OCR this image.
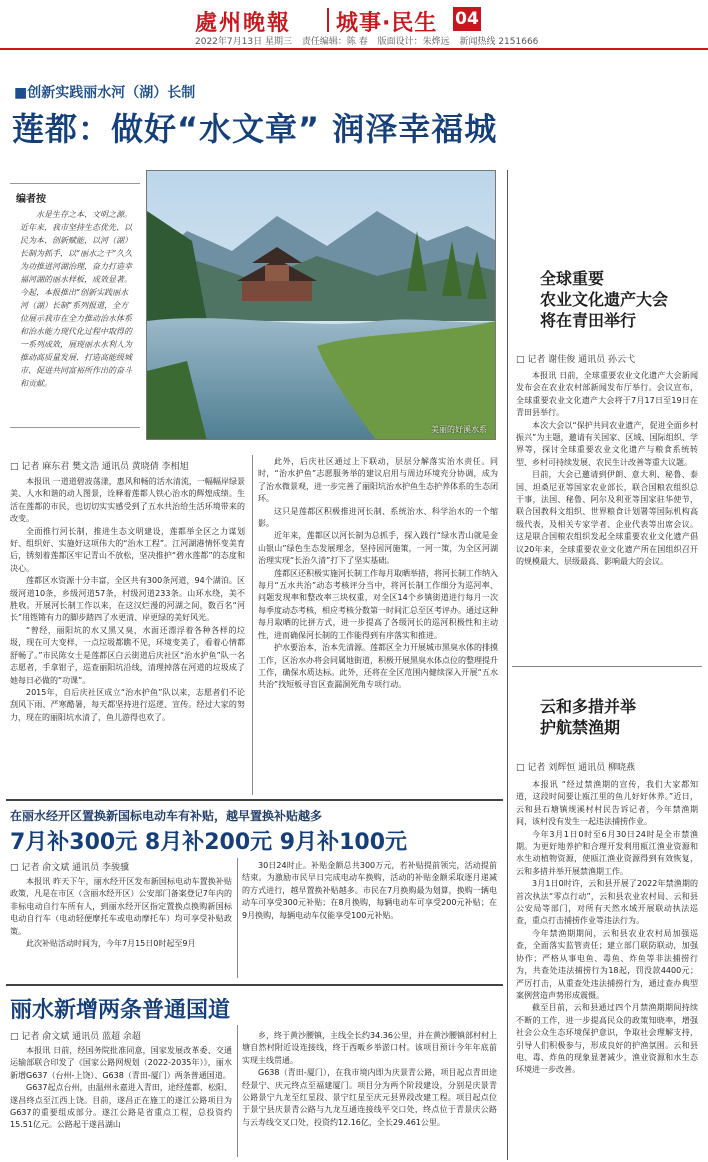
處州晚報 城事·民生 04
2022年7月13日 星期三 责任编辑：陈 春 版面设计：朱烨远 新闻热线 2151666
■创新实践丽水河（湖）长制
莲都：做好“水文章” 润泽幸福城
编者按
水是生存之本、文明之源。近年来，我市坚持生态优先、以民为本、创新赋能，以河（湖）长制为抓手，以“丽水之干”久久为功推进河湖治理，奋力打造幸福河湖的丽水样板，成效显著。今起，本报推出“创新实践丽水河（湖）长制”系列报道，全方位展示我市在全力推动治水体系和治水能力现代化过程中取得的一系列成效，展现丽水水利人为推动高质量发展、打造高能级城市、促进共同富裕所作出的奋斗和贡献。
美丽的好溪水系
□ 记者 麻东君 樊文浩 通讯员 黄晓倩 李相旭

本报讯 一道道碧波荡漾，惠风和畅的活水清流，一幅幅岸绿景美、人水和谐的动人图景，诠释着莲都人铁心治水的辉煌成绩。生活在莲都的市民，也切切实实感受到了五水共治给生活环境带来的改变。

全面推行河长制，推进生态文明建设，莲都举全区之力谋划好、组织好、实施好这项伟大的“治水工程”。江河湖港情怀变美育后，锈刻着莲都区牢记青山不放松，坚决推护“碧水莲都”的态度和决心。

莲都区水资源十分丰富，全区共有300条河道，94个湖泊。区级河道10条，乡级河道57条，村级河道233条。山环水绕，美不胜收。开展河长制工作以来，在这汉烂漫的河湖之间，数百名“河长”用铿锵有力的脚步踏四了水更清、岸更绿的美好风光。

“曾经，丽阳坑的水又黑又臭，水面还漂浮着各种各样的垃圾，现在可大变样，一点垃圾都瞧不见，环境变美了，看着心情都舒畅了。”市民陈女士是莲都区白云街道后庆社区“治水护鱼”队一名志愿者，手拿钳子，巡查丽阳坑沿线，清理掉落在河道的垃圾成了她每日必做的“功课”。

2015年，自后庆社区成立“治水护鱼”队以来，志愿者们不论刮风下雨、严寒酷暑，每天都坚持进行巡逻、宣传。经过大家的努力，现在的丽阳坑水清了，鱼儿游得也欢了。

此外，后庆社区通过上下联动，层层分解落实治水责任。同时，“治水护鱼”志愿服务举的建议启用与周边环境充分协调，成为了治水微景观，进一步完善了丽阳坑治水护鱼生态护养体系的生态闭环。

这只是莲都区积极推进河长制、系统治水、科学治水的一个缩影。

近年来，莲都区以河长制为总抓手，探入践行“绿水青山就是金山银山”绿色生态发展理念，坚持因河施策，一河一策，为全区河湖治理实现“长治久清”打下了坚实基础。

莲都区还积极实施河长制工作每月取晒举措，将河长制工作纳入每月“五水共治”动态考核评分当中，将河长制工作细分为巡河率、问题发现率和整改率三块权重，对全区14个乡镇街道进行每月一次每季度动态考核，相应考核分数第一时间汇总至区考评办。通过这种每月取晒的比拼方式，进一步提高了各级河长的巡河积极性和主动性，进而确保河长制的工作能得到有序落实和推进。

护水要治本，治本先清源。莲都区全力开展城市黑臭水体的排摸工作，区治水办将会同属地街道，积极开展黑臭水体点位的整理提升工作，确保水质达标。此外，还将在全区范围内健续深入开展“五水共治”找短板寻盲区查漏洞死角专项行动。

在丽水经开区置换新国标电动车有补贴，越早置换补贴越多
7月补300元 8月补200元 9月补100元
□ 记者 俞文斌 通讯员 李骏骥

本报讯 昨天下午，丽水经开区发布新国标电动车置换补贴政策，凡是在市区（含丽水经开区）公安部门备案登记7年内的非标电动自行车所有人，到丽水经开区指定置换点换购新国标电动自行车（电动轻便摩托车或电动摩托车）均可享受补贴政策。

此次补贴活动时间为，今年7月15日0时起至9月

30日24时止。补贴金额总共300万元，若补贴提前领完，活动提前结束。为激励市民早日完成电动车换购，活动的补贴金额采取逐月递减的方式进行，越早置换补贴越多。市民在7月换购最为划算，换购一辆电动车可享受300元补贴；在8月换购，每辆电动车可享受200元补贴；在9月换购，每辆电动车仅能享受100元补贴。

丽水新增两条普通国道
□ 记者 俞文斌 通讯员 蓝超 余超

本报讯 日前，经国务院批准同意，国家发展改革委、交通运输部联合印发了《国家公路网规划（2022-2035年）》，丽水新增G637（台州-上饶）、G638（青田-厦门）两条普通国道。

G637起点台州，由温州永嘉进入青田，途经莲都、松阳、遂昌终点至江西上饶。目前，遂昌正在施工的遂江公路项目为G637的重要组成部分。遂江公路是省重点工程，总投资约15.51亿元。公路起于遂昌湖山

乡，终于黄沙腰镇，主线全长约34.36公里，并在黄沙腰镇部村村上塘自然村附近设连接线，终于西畈乡举淤口村。该项目预计今年年底前实现主线贯通。

G638（青田-厦门），在我市境内即为庆景青公路，项目起点青田途经景宁、庆元终点至福建厦门。项目分为两个阶段建设，分别是庆景青公路景宁九龙至红星段、景宁红星至庆元县界段改建工程。项目起点位于景宁县庆景青公路与九龙互通连接线平交口处，终点位于青景庆公路与云寿线交叉口处，投资约12.16亿，全长29.461公里。

全球重要
农业文化遗产大会
将在青田举行
□ 记者 谢佳俊 通讯员 孙云弋

本报讯 日前，全球重要农业文化遗产大会新闻发布会在农业农村部新闻发布厅举行。会议宣布，全球重要农业文化遗产大会将于7月17日至19日在青田县举行。

本次大会以“保护共同农业遗产，促进全面乡村振兴”为主题，邀请有关国家、区域、国际组织、学界等，探讨全球重要农业文化遗产与粮食系统转型、乡村可持续发展、农民生计改善等重大议题。

目前，大会已邀请到伊朗、意大利、秘鲁、泰国、坦桑尼亚等国家农业部长，联合国粮农组织总干事，法国、秘鲁、阿尔及利亚等国家驻华使节，联合国教科文组织、世界粮食计划署等国际机构高级代表，及相关专家学者、企业代表等出席会议。这是联合国粮农组织发起全球重要农业文化遗产倡议20年来，全球重要农业文化遗产所在国组织召开的规模最大、层级最高、影响最大的会议。

云和多措并举
护航禁渔期
□ 记者 刘辉恒 通讯员 柳晓燕

本报讯 “经过禁渔期的宣传，我们大家都知道，这段时间要让瓯江里的鱼儿好好休养。”近日，云和县石塘镇规溪村村民告诉记者，今年禁渔期间，该村没有发生一起违法捕捞作业。

今年3月1日0时至6月30日24时是全市禁渔期。为更好地养护和合理开发利用瓯江渔业资源和水生动植物资源，使瓯江渔业资源得到有效恢复，云和多措并举开展禁渔期工作。

3月1日0时许，云和县开展了2022年禁渔期的首次执法“零点行动”，云和县农业农村局、云和县公安局等部门，对所有天然水域开展联动执法巡查，重点打击捕捞作业等违法行为。

今年禁渔期期间，云和县农业农村局加强巡查，全面落实监管责任；建立部门联防联动，加强协作；严格从事电鱼、毒鱼、炸鱼等非法捕捞行为，共查处违法捕捞行为18起，罚没款4400元；严厉打击，从重查处违法捕捞行为，通过查办典型案例营造声势形成震慑。

截至目前，云和县通过四个月禁渔期期间持续不断的工作，进一步提高民众的政策知晓率，增强社会公众生态环境保护意识，争取社会理解支持，引导人们积极参与，形成良好的护渔氛围。云和县电、毒、炸鱼的现象显著减少，渔业资源和水生态环境进一步改善。
